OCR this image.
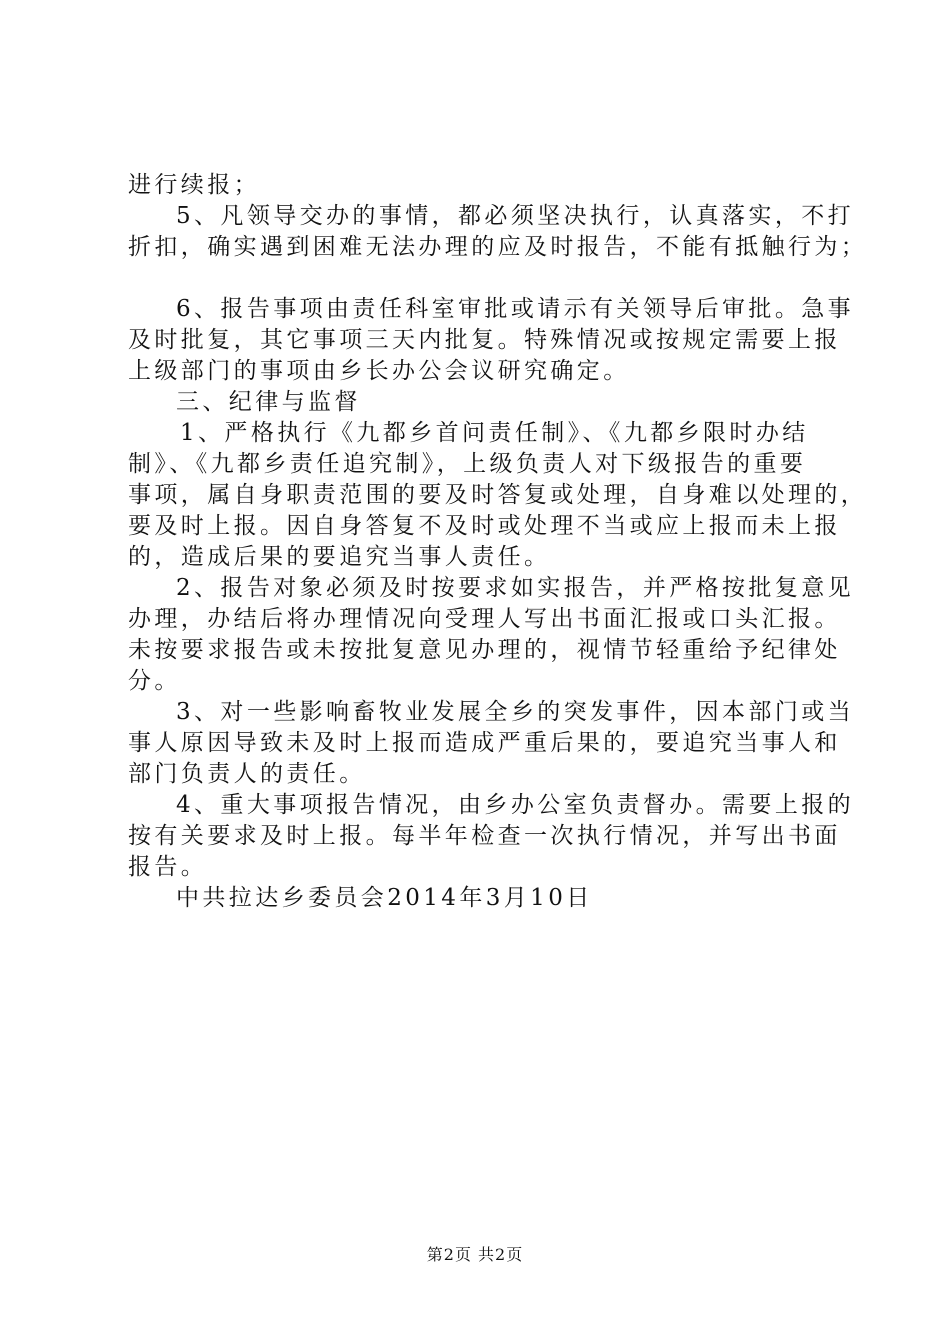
进行续报；
5、凡领导交办的事情，都必须坚决执行，认真落实，不打
折扣，确实遇到困难无法办理的应及时报告，不能有抵触行为；
6、报告事项由责任科室审批或请示有关领导后审批。急事
及时批复，其它事项三天内批复。特殊情况或按规定需要上报
上级部门的事项由乡长办公会议研究确定。
三、纪律与监督
1、严格执行《九都乡首问责任制》、《九都乡限时办结
制》、《九都乡责任追究制》，上级负责人对下级报告的重要
事项，属自身职责范围的要及时答复或处理，自身难以处理的，
要及时上报。因自身答复不及时或处理不当或应上报而未上报
的，造成后果的要追究当事人责任。
2、报告对象必须及时按要求如实报告，并严格按批复意见
办理，办结后将办理情况向受理人写出书面汇报或口头汇报。
未按要求报告或未按批复意见办理的，视情节轻重给予纪律处
分。
3、对一些影响畜牧业发展全乡的突发事件，因本部门或当
事人原因导致未及时上报而造成严重后果的，要追究当事人和
部门负责人的责任。
4、重大事项报告情况，由乡办公室负责督办。需要上报的
按有关要求及时上报。每半年检查一次执行情况，并写出书面
报告。
中共拉达乡委员会2014年3月10日
第2页 共2页
